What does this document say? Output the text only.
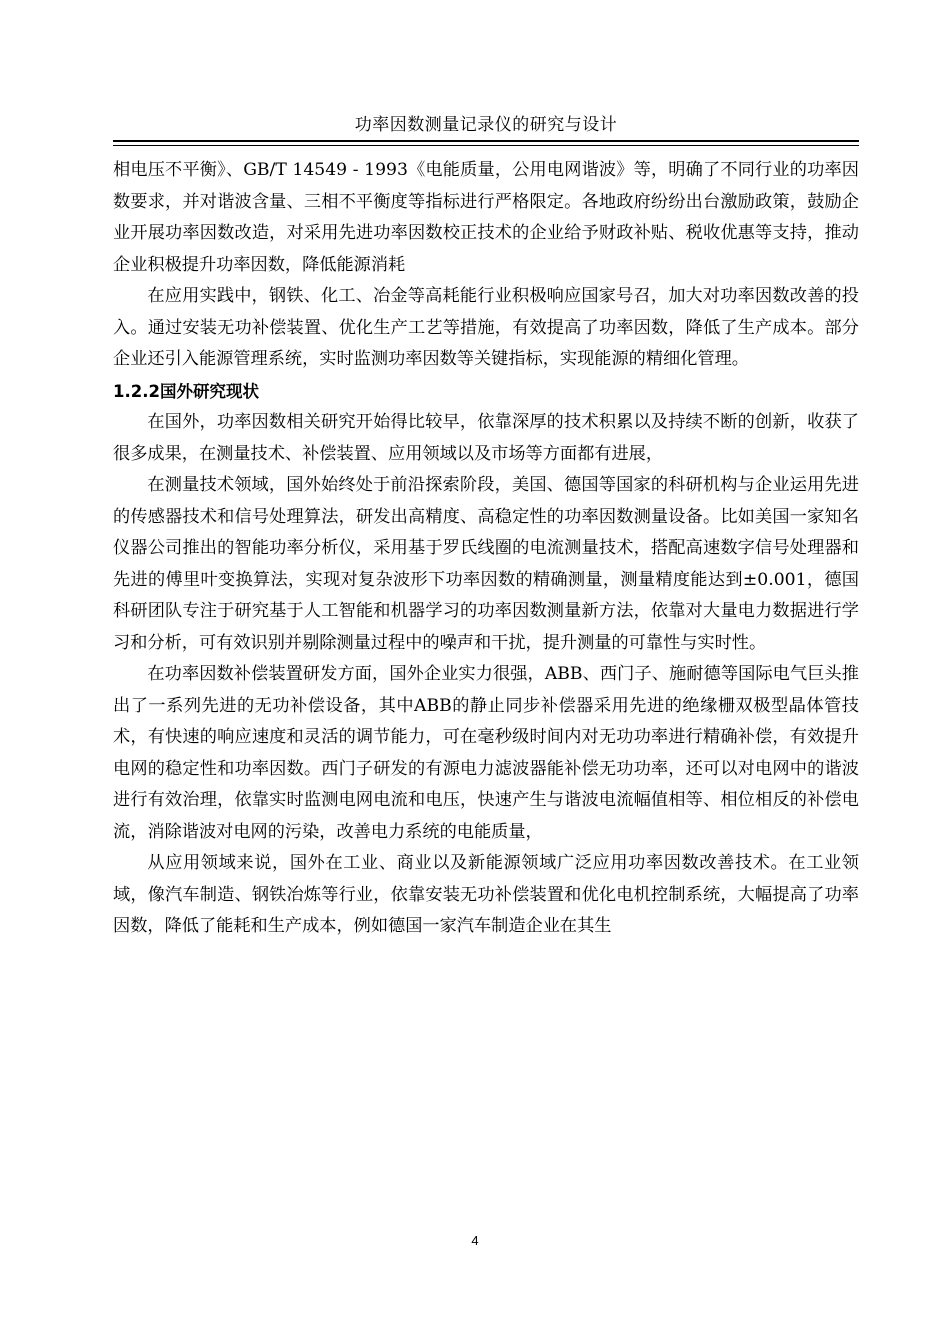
功率因数测量记录仪的研究与设计

相电压不平衡》、GB/T 14549 - 1993《电能质量，公用电网谐波》等，明确了不同行业的功率因数要求，并对谐波含量、三相不平衡度等指标进行严格限定。各地政府纷纷出台激励政策，鼓励企业开展功率因数改造，对采用先进功率因数校正技术的企业给予财政补贴、税收优惠等支持，推动企业积极提升功率因数，降低能源消耗

在应用实践中，钢铁、化工、冶金等高耗能行业积极响应国家号召，加大对功率因数改善的投入。通过安装无功补偿装置、优化生产工艺等措施，有效提高了功率因数，降低了生产成本。部分企业还引入能源管理系统，实时监测功率因数等关键指标，实现能源的精细化管理。

1.2.2国外研究现状

在国外，功率因数相关研究开始得比较早，依靠深厚的技术积累以及持续不断的创新，收获了很多成果，在测量技术、补偿装置、应用领域以及市场等方面都有进展，

在测量技术领域，国外始终处于前沿探索阶段，美国、德国等国家的科研机构与企业运用先进的传感器技术和信号处理算法，研发出高精度、高稳定性的功率因数测量设备。比如美国一家知名仪器公司推出的智能功率分析仪，采用基于罗氏线圈的电流测量技术，搭配高速数字信号处理器和先进的傅里叶变换算法，实现对复杂波形下功率因数的精确测量，测量精度能达到±0.001，德国科研团队专注于研究基于人工智能和机器学习的功率因数测量新方法，依靠对大量电力数据进行学习和分析，可有效识别并剔除测量过程中的噪声和干扰，提升测量的可靠性与实时性。

在功率因数补偿装置研发方面，国外企业实力很强，ABB、西门子、施耐德等国际电气巨头推出了一系列先进的无功补偿设备，其中ABB的静止同步补偿器采用先进的绝缘栅双极型晶体管技术，有快速的响应速度和灵活的调节能力，可在毫秒级时间内对无功功率进行精确补偿，有效提升电网的稳定性和功率因数。西门子研发的有源电力滤波器能补偿无功功率，还可以对电网中的谐波进行有效治理，依靠实时监测电网电流和电压，快速产生与谐波电流幅值相等、相位相反的补偿电流，消除谐波对电网的污染，改善电力系统的电能质量，

从应用领域来说，国外在工业、商业以及新能源领域广泛应用功率因数改善技术。在工业领域，像汽车制造、钢铁冶炼等行业，依靠安装无功补偿装置和优化电机控制系统，大幅提高了功率因数，降低了能耗和生产成本，例如德国一家汽车制造企业在其生

4
